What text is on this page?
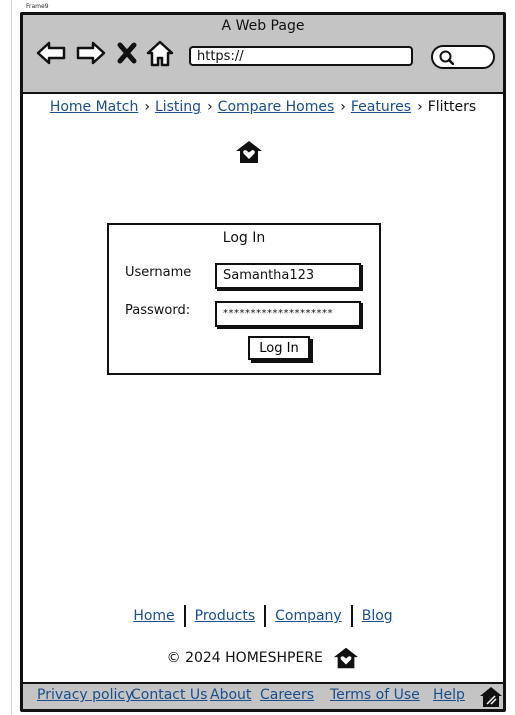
Frame9
A Web Page
https://
Home Match › Listing › Compare Homes › Features › Flitters
Log In
Username	Samantha123
Password:	********************
Log In
Home Products Company Blog
© 2024 HOMESHPERE
Privacy policy
Contact Us About Careers Terms of Use Help
